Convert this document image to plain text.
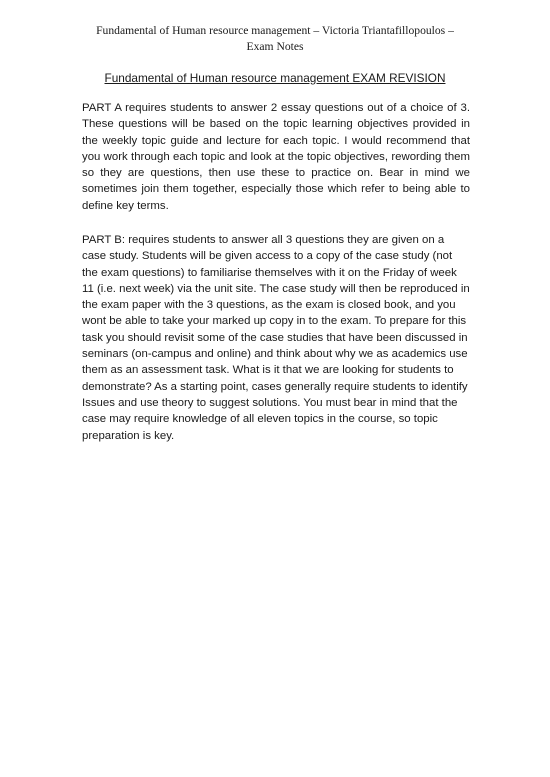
Fundamental of Human resource management – Victoria Triantafillopoulos –
Exam Notes
Fundamental of Human resource management EXAM REVISION

PART A requires students to answer 2 essay questions out of a choice of 3. These questions will be based on the topic learning objectives provided in the weekly topic guide and lecture for each topic. I would recommend that you work through each topic and look at the topic objectives, rewording them so they are questions, then use these to practice on. Bear in mind we sometimes join them together, especially those which refer to being able to define key terms.

PART B: requires students to answer all 3 questions they are given on a case study. Students will be given access to a copy of the case study (not the exam questions) to familiarise themselves with it on the Friday of week 11 (i.e. next week) via the unit site. The case study will then be reproduced in the exam paper with the 3 questions, as the exam is closed book, and you wont be able to take your marked up copy in to the exam. To prepare for this task you should revisit some of the case studies that have been discussed in seminars (on-campus and online) and think about why we as academics use them as an assessment task. What is it that we are looking for students to demonstrate? As a starting point, cases generally require students to identify Issues and use theory to suggest solutions. You must bear in mind that the case may require knowledge of all eleven topics in the course, so topic preparation is key.
